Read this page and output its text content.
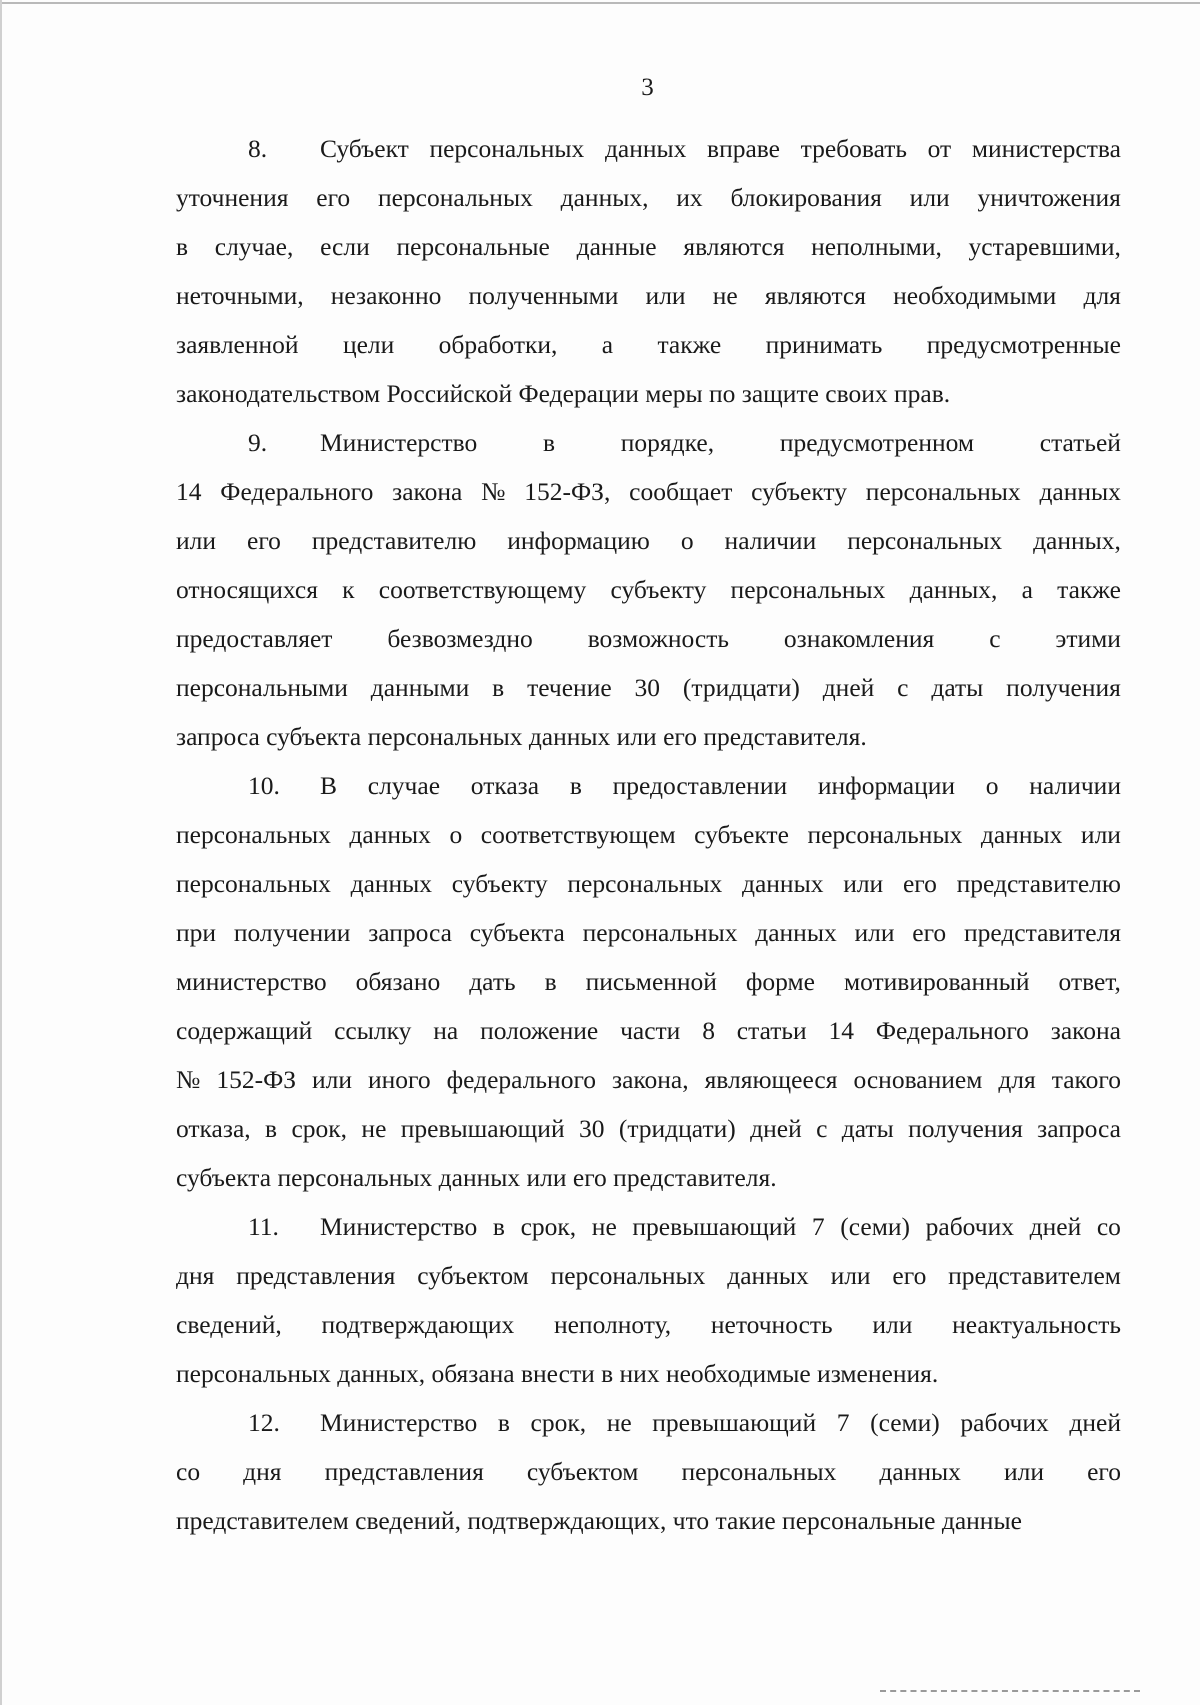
3
8.	Субъект персональных данных вправе требовать от министерства
уточнения его персональных данных, их блокирования или уничтожения
в случае, если персональные данные являются неполными, устаревшими,
неточными, незаконно полученными или не являются необходимыми для
заявленной цели обработки, а также принимать предусмотренные
законодательством Российской Федерации меры по защите своих прав.
9.	Министерство	в	порядке,	предусмотренном	статьей
14 Федерального закона № 152-ФЗ, сообщает субъекту персональных данных
или его представителю информацию о наличии персональных данных,
относящихся к соответствующему субъекту персональных данных, а также
предоставляет безвозмездно возможность ознакомления с этими
персональными данными в течение 30 (тридцати) дней с даты получения
запроса субъекта персональных данных или его представителя.
10.	В случае отказа в предоставлении информации о наличии
персональных данных о соответствующем субъекте персональных данных или
персональных данных субъекту персональных данных или его представителю
при получении запроса субъекта персональных данных или его представителя
министерство обязано дать в письменной форме мотивированный ответ,
содержащий ссылку на положение части 8 статьи 14 Федерального закона
№ 152-ФЗ или иного федерального закона, являющееся основанием для такого
отказа, в срок, не превышающий 30 (тридцати) дней с даты получения запроса
субъекта персональных данных или его представителя.
11.	Министерство в срок, не превышающий 7 (семи) рабочих дней со
дня представления субъектом персональных данных или его представителем
сведений, подтверждающих неполноту, неточность или неактуальность
персональных данных, обязана внести в них необходимые изменения.
12.	Министерство в срок, не превышающий 7 (семи) рабочих дней
со дня представления субъектом персональных данных или его
представителем сведений, подтверждающих, что такие персональные данные
